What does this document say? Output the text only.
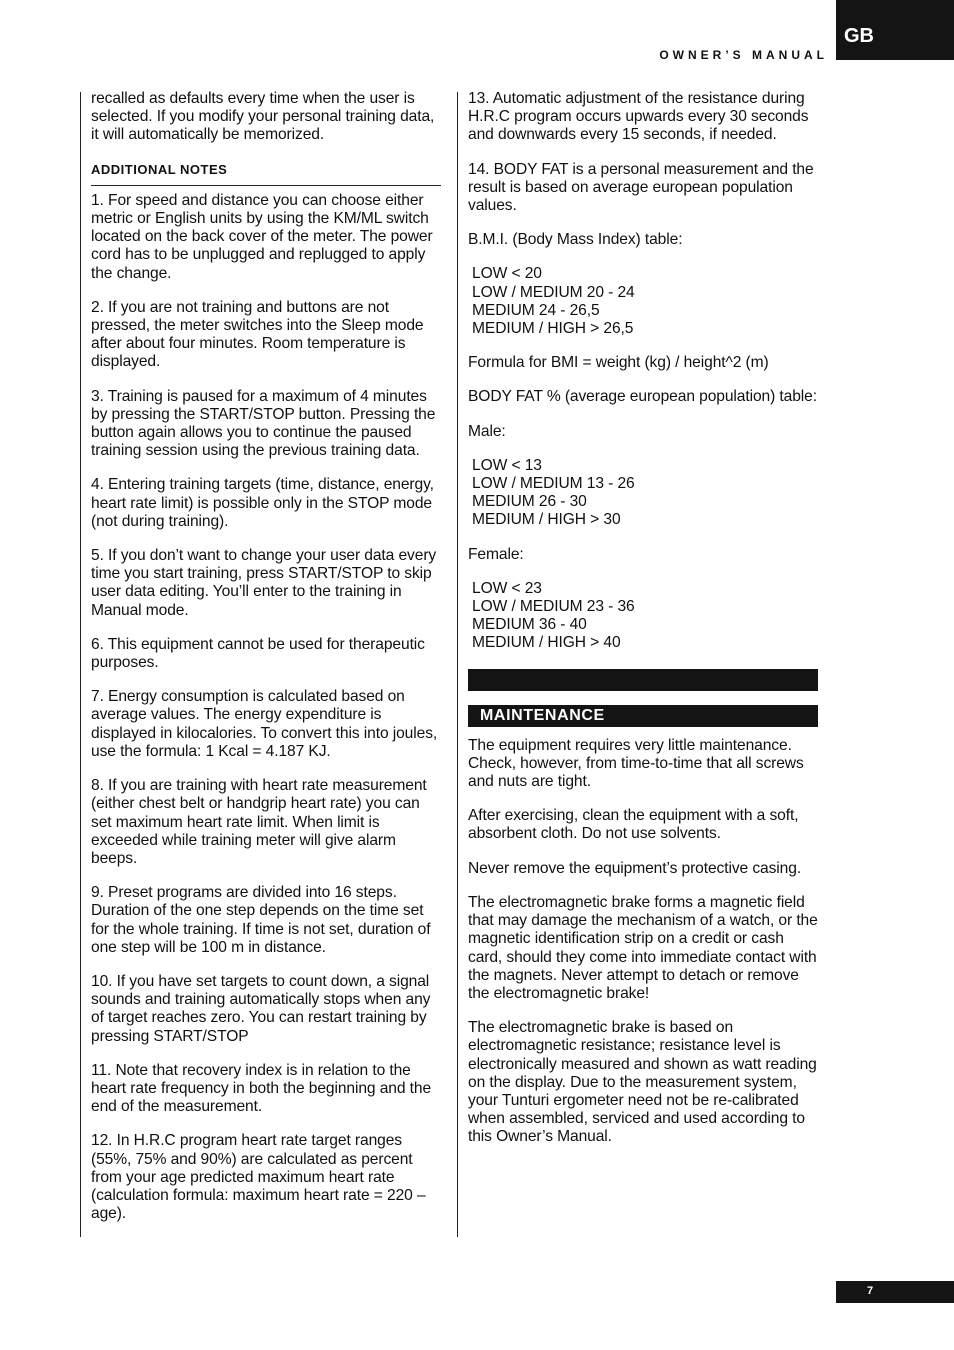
GB
OWNER’S MANUAL

recalled as defaults every time when the user is selected. If you modify your personal training data, it will automatically be memorized.

ADDITIONAL NOTES

1. For speed and distance you can choose either metric or English units by using the KM/ML switch located on the back cover of the meter. The power cord has to be unplugged and replugged to apply the change.

2. If you are not training and buttons are not pressed, the meter switches into the Sleep mode after about four minutes. Room temperature is displayed.

3. Training is paused for a maximum of 4 minutes by pressing the START/STOP button. Pressing the button again allows you to continue the paused training session using the previous training data.

4. Entering training targets (time, distance, energy, heart rate limit) is possible only in the STOP mode (not during training).

5. If you don’t want to change your user data every time you start training, press START/STOP to skip user data editing. You’ll enter to the training in Manual mode.

6. This equipment cannot be used for therapeutic purposes.

7. Energy consumption is calculated based on average values. The energy expenditure is displayed in kilocalories. To convert this into joules, use the formula: 1 Kcal = 4.187 KJ.

8. If you are training with heart rate measurement (either chest belt or handgrip heart rate) you can set maximum heart rate limit. When limit is exceeded while training meter will give alarm beeps.

9. Preset programs are divided into 16 steps. Duration of the one step depends on the time set for the whole training. If time is not set, duration of one step will be 100 m in distance.

10. If you have set targets to count down, a signal sounds and training automatically stops when any of target reaches zero. You can restart training by pressing START/STOP

11. Note that recovery index is in relation to the heart rate frequency in both the beginning and the end of the measurement.

12. In H.R.C program heart rate target ranges (55%, 75% and 90%) are calculated as percent from your age predicted maximum heart rate (calculation formula: maximum heart rate = 220 – age).

13. Automatic adjustment of the resistance during H.R.C program occurs upwards every 30 seconds and downwards every 15 seconds, if needed.

14. BODY FAT is a personal measurement and the result is based on average european population values.

B.M.I. (Body Mass Index) table:

LOW < 20
LOW / MEDIUM 20 - 24
MEDIUM 24 - 26,5
MEDIUM / HIGH > 26,5

Formula for BMI = weight (kg) / height^2 (m)

BODY FAT % (average european population) table:

Male:

LOW < 13
LOW / MEDIUM 13 - 26
MEDIUM 26 - 30
MEDIUM / HIGH > 30

Female:

LOW < 23
LOW / MEDIUM 23 - 36
MEDIUM 36 - 40
MEDIUM / HIGH > 40
MAINTENANCE

The equipment requires very little maintenance. Check, however, from time-to-time that all screws and nuts are tight.

After exercising, clean the equipment with a soft, absorbent cloth. Do not use solvents.

Never remove the equipment’s protective casing.

The electromagnetic brake forms a magnetic field that may damage the mechanism of a watch, or the magnetic identification strip on a credit or cash card, should they come into immediate contact with the magnets. Never attempt to detach or remove the electromagnetic brake!

The electromagnetic brake is based on electromagnetic resistance; resistance level is electronically measured and shown as watt reading on the display. Due to the measurement system, your Tunturi ergometer need not be re-calibrated when assembled, serviced and used according to this Owner’s Manual.

7
